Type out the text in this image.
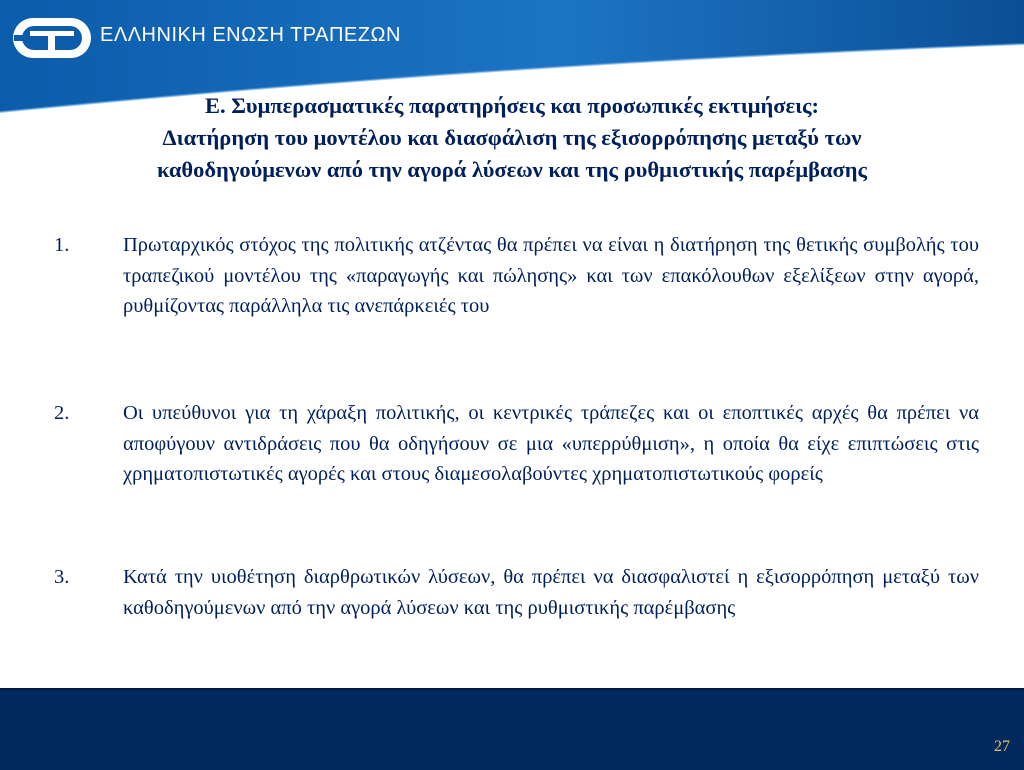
ΕΛΛΗΝΙΚΗ ΕΝΩΣΗ ΤΡΑΠΕΖΩΝ
Ε. Συμπερασματικές παρατηρήσεις και προσωπικές εκτιμήσεις:
Διατήρηση του μοντέλου και διασφάλιση της εξισορρόπησης μεταξύ των
καθοδηγούμενων από την αγορά λύσεων και της ρυθμιστικής παρέμβασης
1.	Πρωταρχικός στόχος της πολιτικής ατζέντας θα πρέπει να είναι η διατήρηση της θετικής συμβολής του τραπεζικού μοντέλου της «παραγωγής και πώλησης» και των επακόλουθων εξελίξεων στην αγορά, ρυθμίζοντας παράλληλα τις ανεπάρκειές του

2.	Οι υπεύθυνοι για τη χάραξη πολιτικής, οι κεντρικές τράπεζες και οι εποπτικές αρχές θα πρέπει να αποφύγουν αντιδράσεις που θα οδηγήσουν σε μια «υπερρύθμιση», η οποία θα είχε επιπτώσεις στις χρηματοπιστωτικές αγορές και στους διαμεσολαβούντες χρηματοπιστωτικούς φορείς

3.	Κατά την υιοθέτηση διαρθρωτικών λύσεων, θα πρέπει να διασφαλιστεί η εξισορρόπηση μεταξύ των καθοδηγούμενων από την αγορά λύσεων και της ρυθμιστικής παρέμβασης

27
